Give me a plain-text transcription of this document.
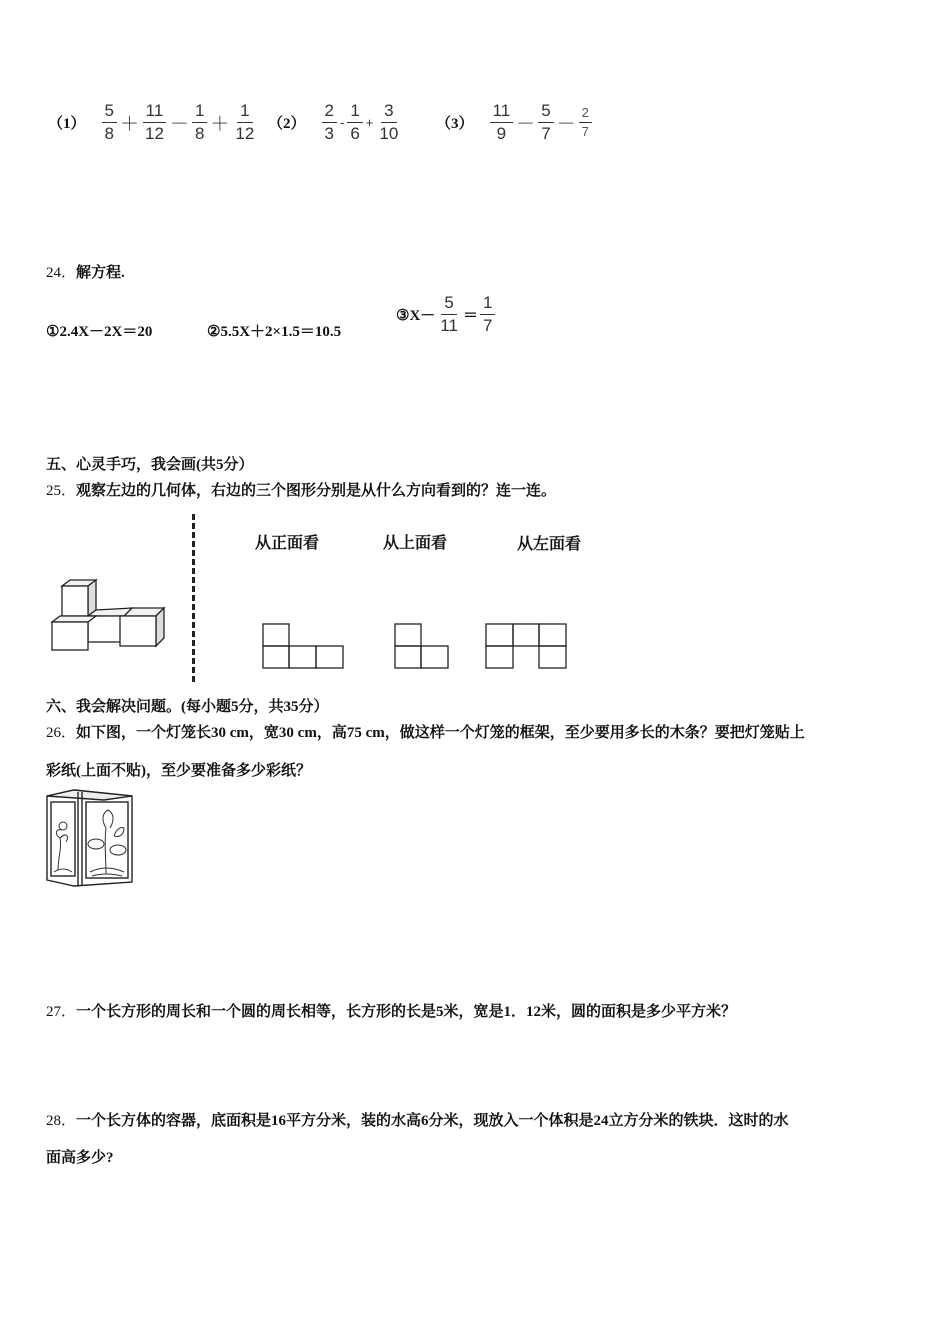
$(1) \frac{5}{8} + \frac{11}{12} - \frac{1}{8} + \frac{1}{12} (2) \frac{2}{3} - \frac{1}{6} + \frac{3}{10} (3) \frac{11}{9} - \frac{5}{7} - \frac{2}{7}$
24．解方程.
①2.4X－2X＝20	②5.5X＋2×1.5＝10.5
③X－ $\frac{5}{11} = \frac{1}{7}$
五、心灵手巧，我会画(共5分）
25．观察左边的几何体，右边的三个图形分别是从什么方向看到的？连一连。
从正面看	从上面看	从左面看
六、我会解决问题。(每小题5分，共35分）
26．如下图，一个灯笼长30 cm，宽30 cm，高75 cm，做这样一个灯笼的框架，至少要用多长的木条？要把灯笼贴上
彩纸(上面不贴)，至少要准备多少彩纸？
27．一个长方形的周长和一个圆的周长相等，长方形的长是5米，宽是1．12米，圆的面积是多少平方米？
28．一个长方体的容器，底面积是16平方分米，装的水高6分米，现放入一个体积是24立方分米的铁块．这时的水
面高多少?
